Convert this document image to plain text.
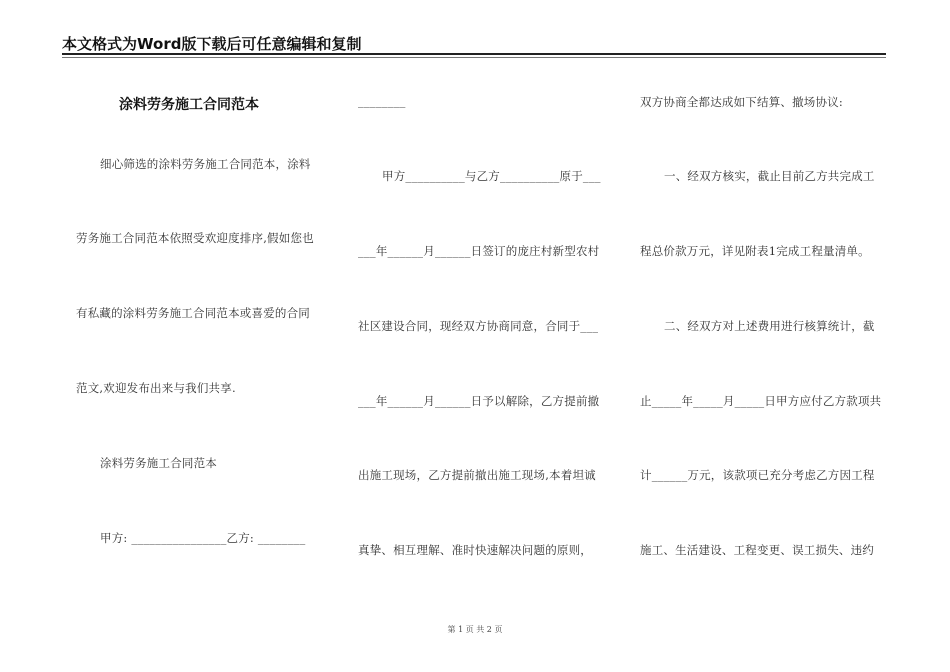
本文格式为Word版下载后可任意编辑和复制
涂料劳务施工合同范本
细心筛选的涂料劳务施工合同范本，涂料
劳务施工合同范本依照受欢迎度排序,假如您也
有私藏的涂料劳务施工合同范本或喜爱的合同
范文,欢迎发布出来与我们共享.
涂料劳务施工合同范本
甲方: ________________乙方: ________
________
甲方__________与乙方__________原于___
___年______月______日签订的庞庄村新型农村
社区建设合同，现经双方协商同意，合同于___
___年______月______日予以解除，乙方提前撤
出施工现场，乙方提前撤出施工现场,本着坦诚
真挚、相互理解、准时快速解决问题的原则，
双方协商全都达成如下结算、撤场协议:
一、经双方核实，截止目前乙方共完成工
程总价款万元，详见附表1完成工程量清单。
二、经双方对上述费用进行核算统计，截
止_____年_____月_____日甲方应付乙方款项共
计______万元，该款项已充分考虑乙方因工程
施工、生活建设、工程变更、误工损失、违约
第 1 页 共 2 页
